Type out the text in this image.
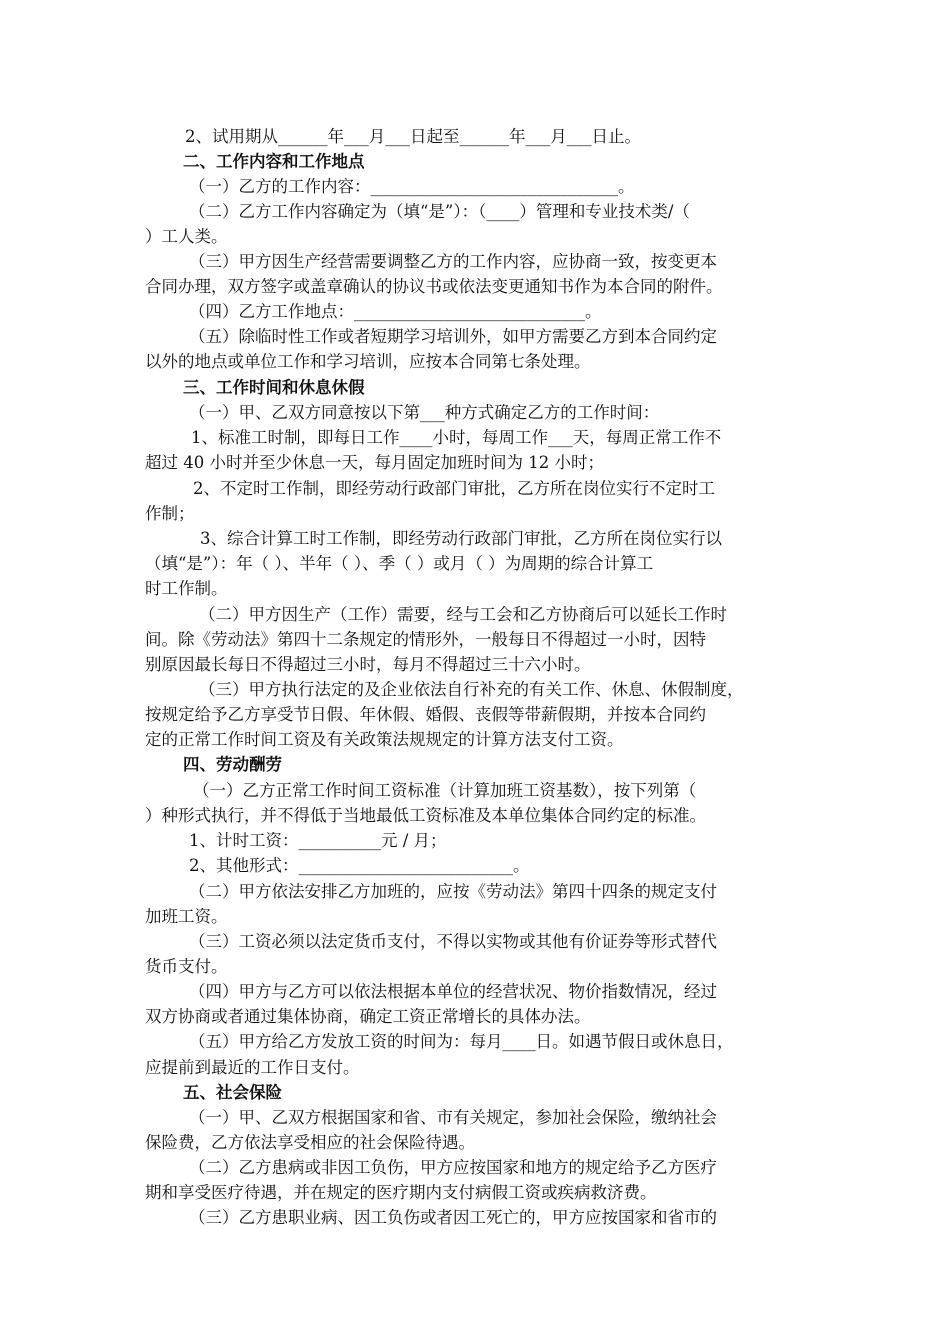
2、试用期从______年___月___日起至______年___月___日止。
二、工作内容和工作地点
（一）乙方的工作内容：______________________________。
（二）乙方工作内容确定为（填“是”）：（____）管理和专业技术类/（
）工人类。
（三）甲方因生产经营需要调整乙方的工作内容，应协商一致，按变更本
合同办理，双方签字或盖章确认的协议书或依法变更通知书作为本合同的附件。
（四）乙方工作地点：____________________________。
（五）除临时性工作或者短期学习培训外，如甲方需要乙方到本合同约定
以外的地点或单位工作和学习培训，应按本合同第七条处理。
三、工作时间和休息休假
（一）甲、乙双方同意按以下第___种方式确定乙方的工作时间：
1、标准工时制，即每日工作____小时，每周工作___天，每周正常工作不
超过 40 小时并至少休息一天，每月固定加班时间为 12 小时；
2、不定时工作制，即经劳动行政部门审批，乙方所在岗位实行不定时工
作制；
3、综合计算工时工作制，即经劳动行政部门审批，乙方所在岗位实行以
（填“是”）：年（ ）、半年（ ）、季（ ）或月（ ）为周期的综合计算工
时工作制。
（二）甲方因生产（工作）需要，经与工会和乙方协商后可以延长工作时
间。除《劳动法》第四十二条规定的情形外，一般每日不得超过一小时，因特
别原因最长每日不得超过三小时，每月不得超过三十六小时。
（三）甲方执行法定的及企业依法自行补充的有关工作、休息、休假制度，
按规定给予乙方享受节日假、年休假、婚假、丧假等带薪假期，并按本合同约
定的正常工作时间工资及有关政策法规规定的计算方法支付工资。
四、劳动酬劳
（一）乙方正常工作时间工资标准（计算加班工资基数），按下列第（
）种形式执行，并不得低于当地最低工资标准及本单位集体合同约定的标准。
1、计时工资：__________元 / 月；
2、其他形式：__________________________。
（二）甲方依法安排乙方加班的，应按《劳动法》第四十四条的规定支付
加班工资。
（三）工资必须以法定货币支付，不得以实物或其他有价证券等形式替代
货币支付。
（四）甲方与乙方可以依法根据本单位的经营状况、物价指数情况，经过
双方协商或者通过集体协商，确定工资正常增长的具体办法。
（五）甲方给乙方发放工资的时间为：每月____日。如遇节假日或休息日，
应提前到最近的工作日支付。
五、社会保险
（一）甲、乙双方根据国家和省、市有关规定，参加社会保险，缴纳社会
保险费，乙方依法享受相应的社会保险待遇。
（二）乙方患病或非因工负伤，甲方应按国家和地方的规定给予乙方医疗
期和享受医疗待遇，并在规定的医疗期内支付病假工资或疾病救济费。
（三）乙方患职业病、因工负伤或者因工死亡的，甲方应按国家和省市的
